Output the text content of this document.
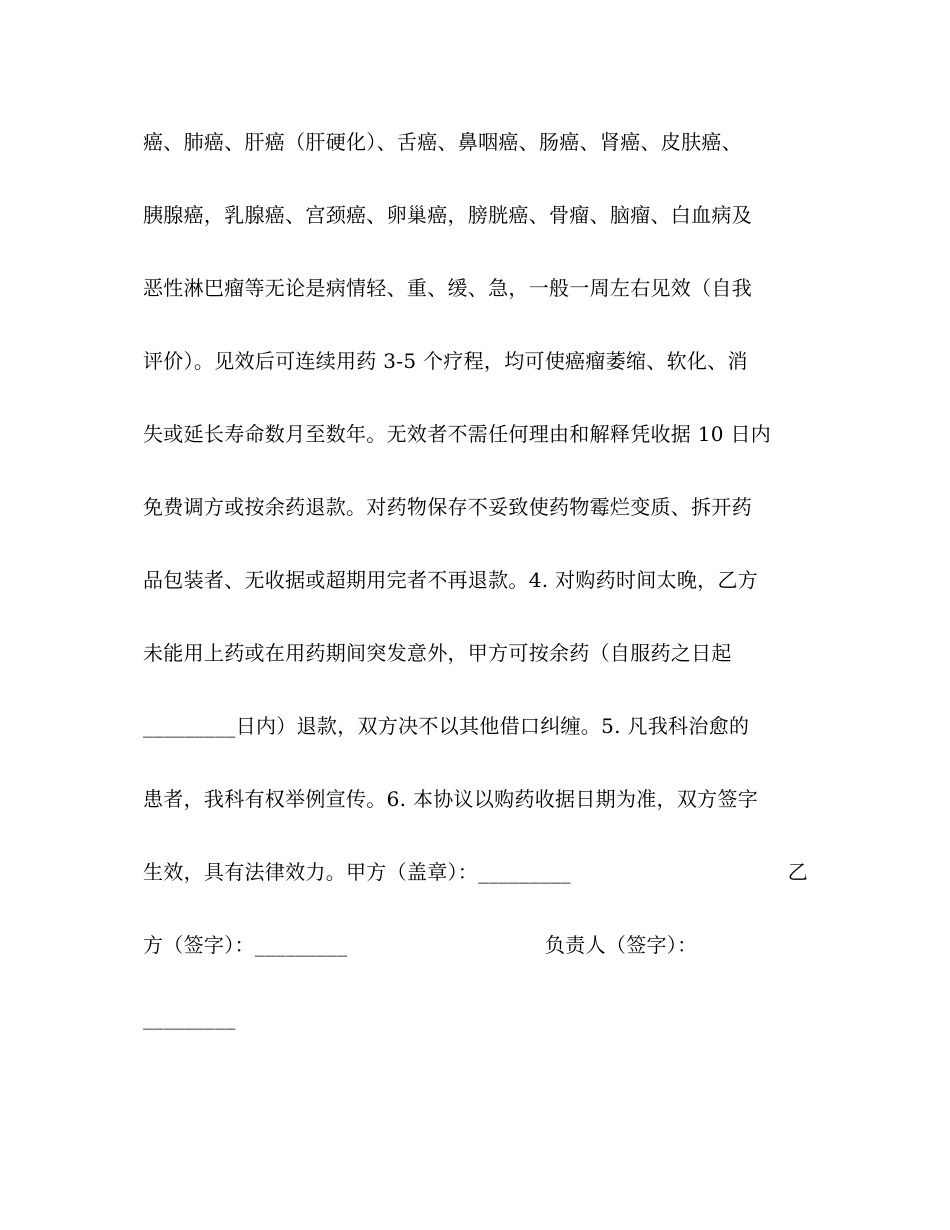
癌、肺癌、肝癌（肝硬化）、舌癌、鼻咽癌、肠癌、肾癌、皮肤癌、
胰腺癌，乳腺癌、宫颈癌、卵巢癌，膀胱癌、骨瘤、脑瘤、白血病及
恶性淋巴瘤等无论是病情轻、重、缓、急，一般一周左右见效（自我
评价）。见效后可连续用药 3-5 个疗程，均可使癌瘤萎缩、软化、消
失或延长寿命数月至数年。无效者不需任何理由和解释凭收据 10 日内
免费调方或按余药退款。对药物保存不妥致使药物霉烂变质、拆开药
品包装者、无收据或超期用完者不再退款。4. 对购药时间太晚，乙方
未能用上药或在用药期间突发意外，甲方可按余药（自服药之日起
_________日内）退款，双方决不以其他借口纠缠。5. 凡我科治愈的
患者，我科有权举例宣传。6. 本协议以购药收据日期为准，双方签字
生效，具有法律效力。甲方（盖章）：_________	乙
方（签字）：_________	负责人（签字）：
_________
